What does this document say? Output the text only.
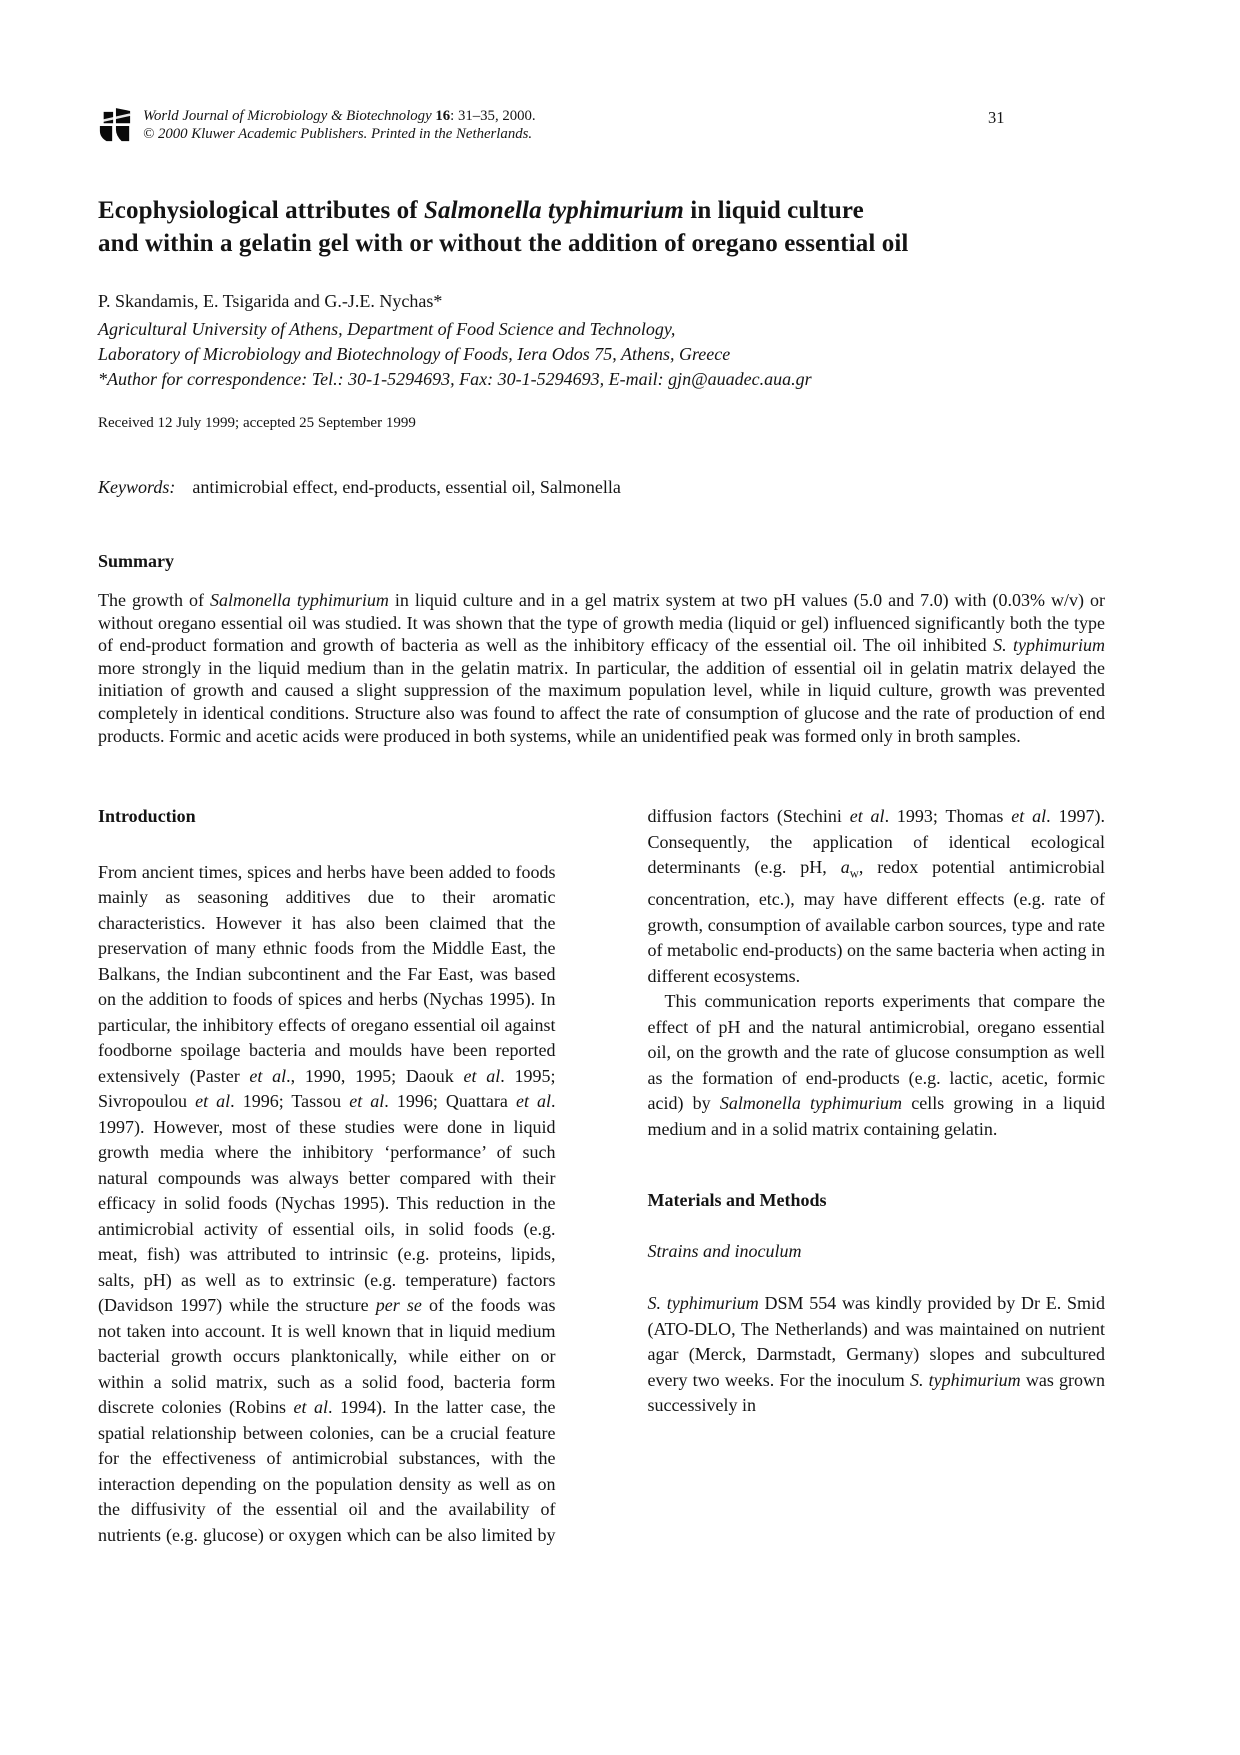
World Journal of Microbiology & Biotechnology 16: 31–35, 2000.
© 2000 Kluwer Academic Publishers. Printed in the Netherlands.
31
Ecophysiological attributes of Salmonella typhimurium in liquid culture
and within a gelatin gel with or without the addition of oregano essential oil
P. Skandamis, E. Tsigarida and G.-J.E. Nychas*
Agricultural University of Athens, Department of Food Science and Technology,
Laboratory of Microbiology and Biotechnology of Foods, Iera Odos 75, Athens, Greece
*Author for correspondence: Tel.: 30-1-5294693, Fax: 30-1-5294693, E-mail: gjn@auadec.aua.gr
Received 12 July 1999; accepted 25 September 1999
Keywords: antimicrobial effect, end-products, essential oil, Salmonella
Summary

The growth of Salmonella typhimurium in liquid culture and in a gel matrix system at two pH values (5.0 and 7.0) with (0.03% w/v) or without oregano essential oil was studied. It was shown that the type of growth media (liquid or gel) influenced significantly both the type of end-product formation and growth of bacteria as well as the inhibitory efficacy of the essential oil. The oil inhibited S. typhimurium more strongly in the liquid medium than in the gelatin matrix. In particular, the addition of essential oil in gelatin matrix delayed the initiation of growth and caused a slight suppression of the maximum population level, while in liquid culture, growth was prevented completely in identical conditions. Structure also was found to affect the rate of consumption of glucose and the rate of production of end products. Formic and acetic acids were produced in both systems, while an unidentified peak was formed only in broth samples.

Introduction

From ancient times, spices and herbs have been added to foods mainly as seasoning additives due to their aromatic characteristics. However it has also been claimed that the preservation of many ethnic foods from the Middle East, the Balkans, the Indian subcontinent and the Far East, was based on the addition to foods of spices and herbs (Nychas 1995). In particular, the inhibitory effects of oregano essential oil against foodborne spoilage bacteria and moulds have been reported extensively (Paster et al., 1990, 1995; Daouk et al. 1995; Sivropoulou et al. 1996; Tassou et al. 1996; Quattara et al. 1997). However, most of these studies were done in liquid growth media where the inhibitory ‘performance’ of such natural compounds was always better compared with their efficacy in solid foods (Nychas 1995). This reduction in the antimicrobial activity of essential oils, in solid foods (e.g. meat, fish) was attributed to intrinsic (e.g. proteins, lipids, salts, pH) as well as to extrinsic (e.g. temperature) factors (Davidson 1997) while the structure per se of the foods was not taken into account. It is well known that in liquid medium bacterial growth occurs planktonically, while either on or within a solid matrix, such as a solid food, bacteria form discrete colonies (Robins et al. 1994). In the latter case, the spatial relationship between colonies, can be a crucial feature for the effectiveness of antimicrobial substances, with the interaction depending on the population density as well as on the diffusivity of the essential oil and the availability of nutrients (e.g. glucose) or oxygen which can be also limited by diffusion factors (Stechini et al. 1993; Thomas et al. 1997). Consequently, the application of identical ecological determinants (e.g. pH, $a_w$, redox potential antimicrobial concentration, etc.), may have different effects (e.g. rate of growth, consumption of available carbon sources, type and rate of metabolic end-products) on the same bacteria when acting in different ecosystems.

This communication reports experiments that compare the effect of pH and the natural antimicrobial, oregano essential oil, on the growth and the rate of glucose consumption as well as the formation of end-products (e.g. lactic, acetic, formic acid) by Salmonella typhimurium cells growing in a liquid medium and in a solid matrix containing gelatin.

Materials and Methods

Strains and inoculum

S. typhimurium DSM 554 was kindly provided by Dr E. Smid (ATO-DLO, The Netherlands) and was maintained on nutrient agar (Merck, Darmstadt, Germany) slopes and subcultured every two weeks. For the inoculum S. typhimurium was grown successively in
